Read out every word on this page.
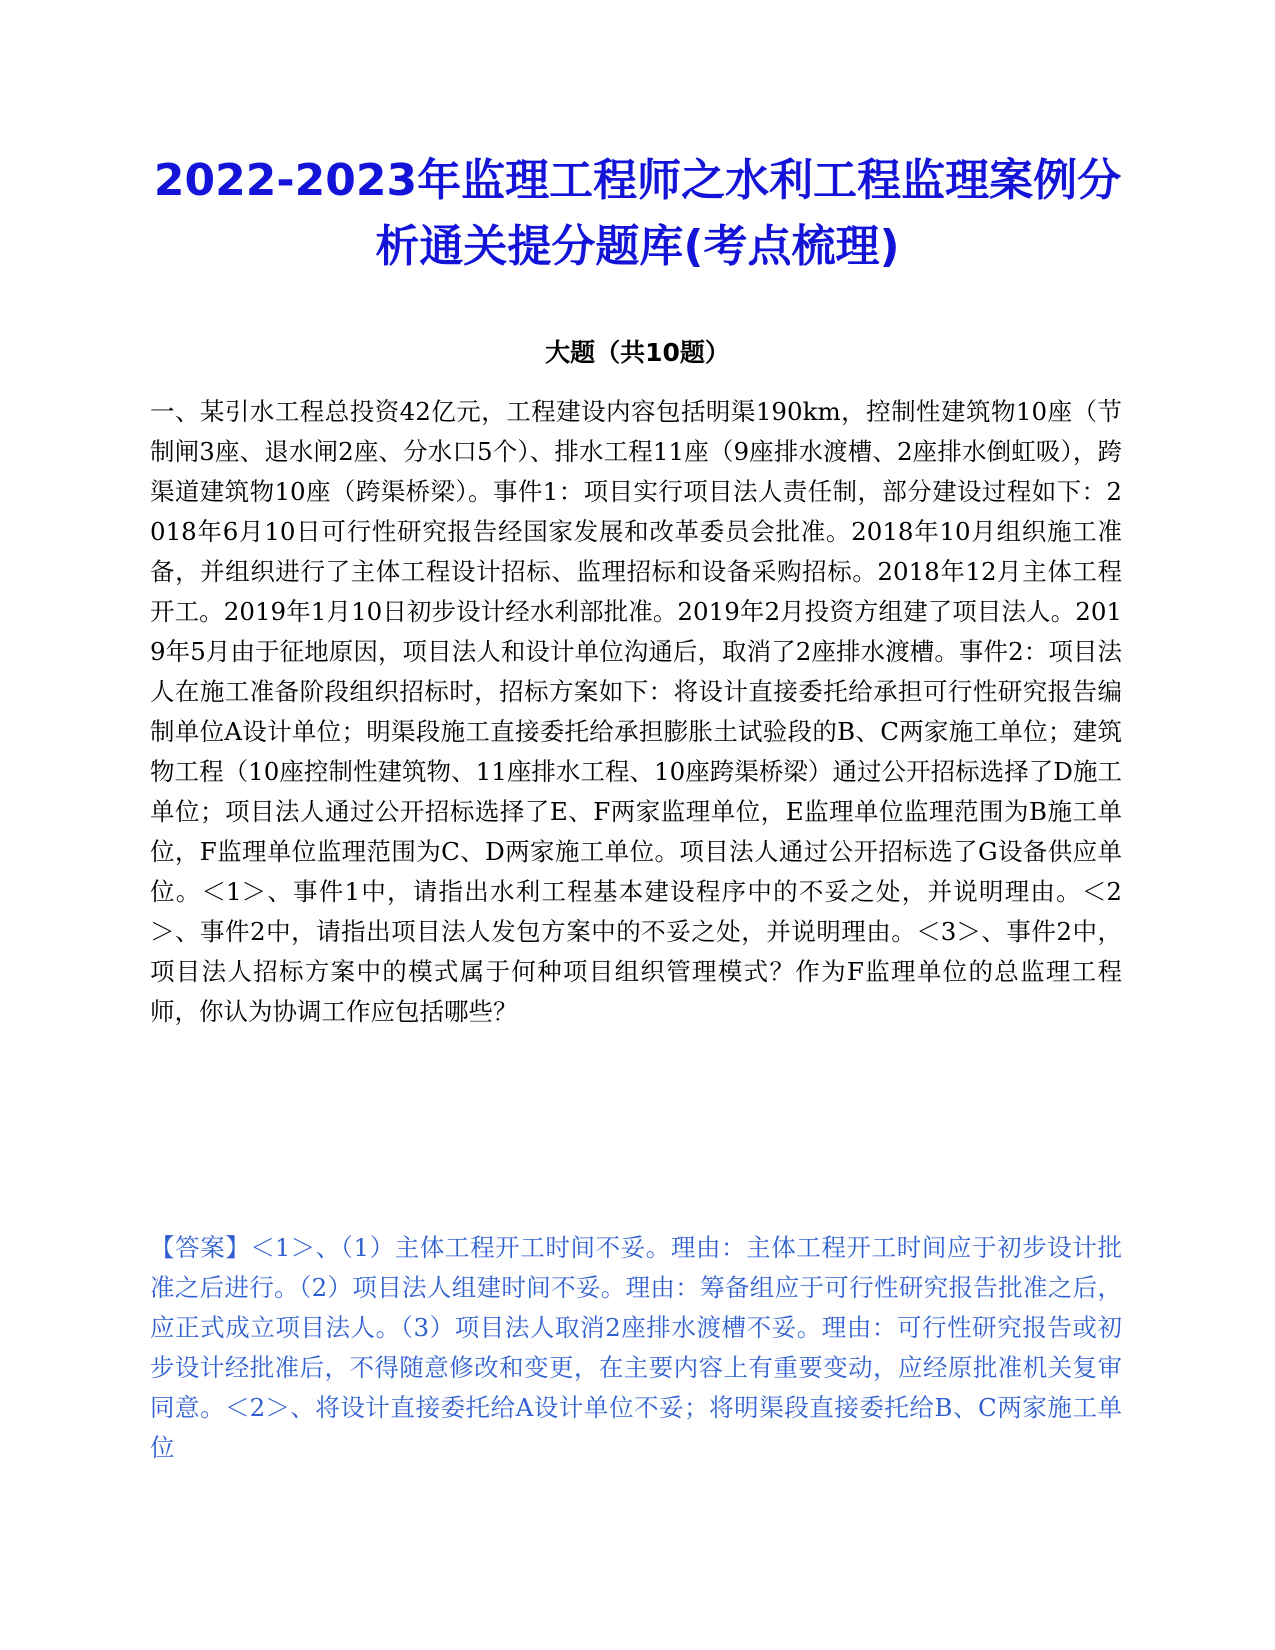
2022-2023年监理工程师之水利工程监理案例分析通关提分题库(考点梳理)
大题（共10题）

一、某引水工程总投资42亿元，工程建设内容包括明渠190km，控制性建筑物10座（节制闸3座、退水闸2座、分水口5个）、排水工程11座（9座排水渡槽、2座排水倒虹吸），跨渠道建筑物10座（跨渠桥梁）。事件1：项目实行项目法人责任制，部分建设过程如下：2018年6月10日可行性研究报告经国家发展和改革委员会批准。2018年10月组织施工准备，并组织进行了主体工程设计招标、监理招标和设备采购招标。2018年12月主体工程开工。2019年1月10日初步设计经水利部批准。2019年2月投资方组建了项目法人。2019年5月由于征地原因，项目法人和设计单位沟通后，取消了2座排水渡槽。事件2：项目法人在施工准备阶段组织招标时，招标方案如下：将设计直接委托给承担可行性研究报告编制单位A设计单位；明渠段施工直接委托给承担膨胀土试验段的B、C两家施工单位；建筑物工程（10座控制性建筑物、11座排水工程、10座跨渠桥梁）通过公开招标选择了D施工单位；项目法人通过公开招标选择了E、F两家监理单位，E监理单位监理范围为B施工单位，F监理单位监理范围为C、D两家施工单位。项目法人通过公开招标选了G设备供应单位。＜1＞、事件1中，请指出水利工程基本建设程序中的不妥之处，并说明理由。＜2＞、事件2中，请指出项目法人发包方案中的不妥之处，并说明理由。＜3＞、事件2中，项目法人招标方案中的模式属于何种项目组织管理模式？作为F监理单位的总监理工程师，你认为协调工作应包括哪些？

【答案】＜1＞、（1）主体工程开工时间不妥。理由：主体工程开工时间应于初步设计批准之后进行。（2）项目法人组建时间不妥。理由：筹备组应于可行性研究报告批准之后，应正式成立项目法人。（3）项目法人取消2座排水渡槽不妥。理由：可行性研究报告或初步设计经批准后，不得随意修改和变更，在主要内容上有重要变动，应经原批准机关复审同意。＜2＞、将设计直接委托给A设计单位不妥；将明渠段直接委托给B、C两家施工单位
